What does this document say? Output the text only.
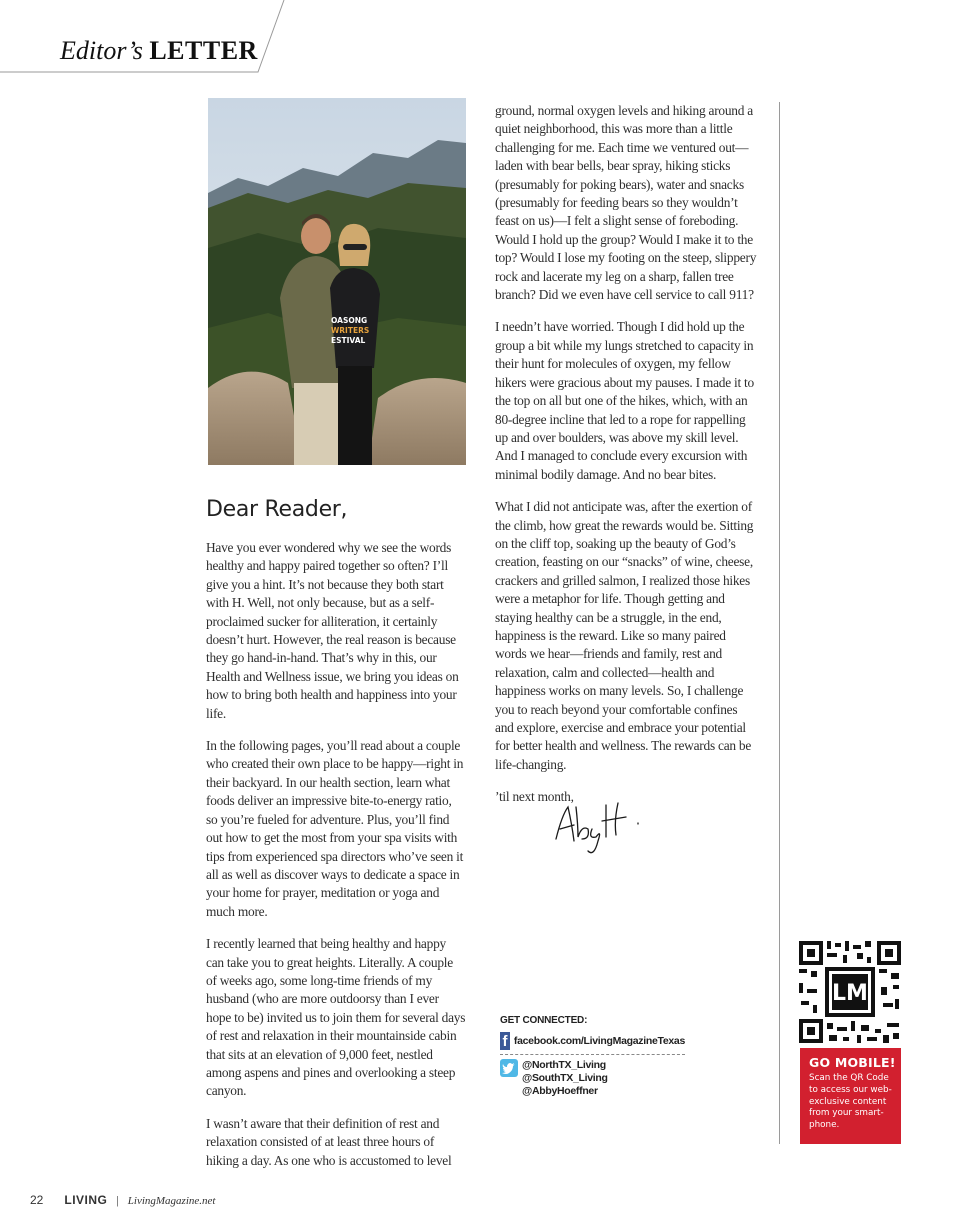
Editor’s LETTER
OASONG
WRITERS
ESTIVAL
Dear Reader,

Have you ever wondered why we see the words healthy and happy paired together so often? I’ll give you a hint. It’s not because they both start with H. Well, not only because, but as a self-proclaimed sucker for alliteration, it certainly doesn’t hurt. However, the real reason is because they go hand-in-hand. That’s why in this, our Health and Wellness issue, we bring you ideas on how to bring both health and happiness into your life.

In the following pages, you’ll read about a couple who created their own place to be happy—right in their backyard. In our health section, learn what foods deliver an impressive bite-to-energy ratio, so you’re fueled for adventure. Plus, you’ll find out how to get the most from your spa visits with tips from experienced spa directors who’ve seen it all as well as discover ways to dedicate a space in your home for prayer, meditation or yoga and much more.

I recently learned that being healthy and happy can take you to great heights. Literally. A couple of weeks ago, some long-time friends of my husband (who are more outdoorsy than I ever hope to be) invited us to join them for several days of rest and relaxation in their mountainside cabin that sits at an elevation of 9,000 feet, nestled among aspens and pines and overlooking a steep canyon.

I wasn’t aware that their definition of rest and relaxation consisted of at least three hours of hiking a day. As one who is accustomed to level

ground, normal oxygen levels and hiking around a quiet neighborhood, this was more than a little challenging for me. Each time we ventured out—laden with bear bells, bear spray, hiking sticks (presumably for poking bears), water and snacks (presumably for feeding bears so they wouldn’t feast on us)—I felt a slight sense of foreboding. Would I hold up the group? Would I make it to the top? Would I lose my footing on the steep, slippery rock and lacerate my leg on a sharp, fallen tree branch? Did we even have cell service to call 911?

I needn’t have worried. Though I did hold up the group a bit while my lungs stretched to capacity in their hunt for molecules of oxygen, my fellow hikers were gracious about my pauses. I made it to the top on all but one of the hikes, which, with an 80-degree incline that led to a rope for rappelling up and over boulders, was above my skill level. And I managed to conclude every excursion with minimal bodily damage. And no bear bites.

What I did not anticipate was, after the exertion of the climb, how great the rewards would be. Sitting on the cliff top, soaking up the beauty of God’s creation, feasting on our “snacks” of wine, cheese, crackers and grilled salmon, I realized those hikes were a metaphor for life. Though getting and staying healthy can be a struggle, in the end, happiness is the reward. Like so many paired words we hear—friends and family, rest and relaxation, calm and collected—health and happiness works on many levels. So, I challenge you to reach beyond your comfortable confines and explore, exercise and embrace your potential for better health and wellness. The rewards can be life-changing.

’til next month,

GET CONNECTED:
f facebook.com/LivingMagazineTexas
@NorthTX_Living
@SouthTX_Living
@AbbyHoeffner
LM
GO MOBILE!
Scan the QR Code to access our web-exclusive content from your smart-phone.
22 LIVING | LivingMagazine.net
